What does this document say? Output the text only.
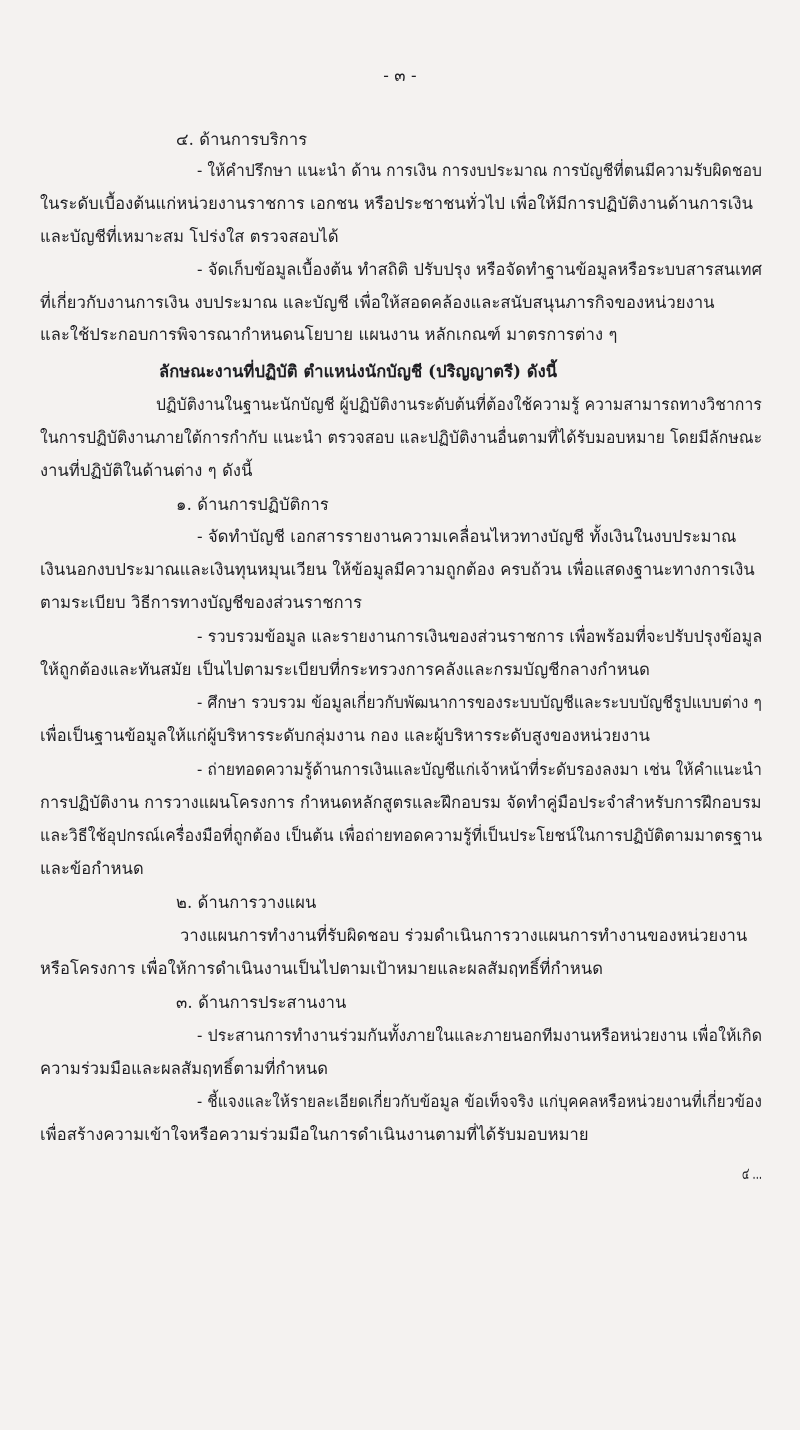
- ๓ -
๔. ด้านการบริการ
- ให้คำปรึกษา แนะนำ ด้าน การเงิน การงบประมาณ การบัญชีที่ตนมีความรับผิดชอบ
ในระดับเบื้องต้นแก่หน่วยงานราชการ เอกชน หรือประชาชนทั่วไป เพื่อให้มีการปฏิบัติงานด้านการเงิน
และบัญชีที่เหมาะสม โปร่งใส ตรวจสอบได้
- จัดเก็บข้อมูลเบื้องต้น ทำสถิติ ปรับปรุง หรือจัดทำฐานข้อมูลหรือระบบสารสนเทศ
ที่เกี่ยวกับงานการเงิน งบประมาณ และบัญชี เพื่อให้สอดคล้องและสนับสนุนภารกิจของหน่วยงาน
และใช้ประกอบการพิจารณากำหนดนโยบาย แผนงาน หลักเกณฑ์ มาตรการต่าง ๆ
ลักษณะงานที่ปฏิบัติ ตำแหน่งนักบัญชี (ปริญญาตรี) ดังนี้
ปฏิบัติงานในฐานะนักบัญชี ผู้ปฏิบัติงานระดับต้นที่ต้องใช้ความรู้ ความสามารถทางวิชาการ
ในการปฏิบัติงานภายใต้การกำกับ แนะนำ ตรวจสอบ และปฏิบัติงานอื่นตามที่ได้รับมอบหมาย โดยมีลักษณะ
งานที่ปฏิบัติในด้านต่าง ๆ ดังนี้
๑. ด้านการปฏิบัติการ
- จัดทำบัญชี เอกสารรายงานความเคลื่อนไหวทางบัญชี ทั้งเงินในงบประมาณ
เงินนอกงบประมาณและเงินทุนหมุนเวียน ให้ข้อมูลมีความถูกต้อง ครบถ้วน เพื่อแสดงฐานะทางการเงิน
ตามระเบียบ วิธีการทางบัญชีของส่วนราชการ
- รวบรวมข้อมูล และรายงานการเงินของส่วนราชการ เพื่อพร้อมที่จะปรับปรุงข้อมูล
ให้ถูกต้องและทันสมัย เป็นไปตามระเบียบที่กระทรวงการคลังและกรมบัญชีกลางกำหนด
- ศึกษา รวบรวม ข้อมูลเกี่ยวกับพัฒนาการของระบบบัญชีและระบบบัญชีรูปแบบต่าง ๆ
เพื่อเป็นฐานข้อมูลให้แก่ผู้บริหารระดับกลุ่มงาน กอง และผู้บริหารระดับสูงของหน่วยงาน
- ถ่ายทอดความรู้ด้านการเงินและบัญชีแก่เจ้าหน้าที่ระดับรองลงมา เช่น ให้คำแนะนำ
การปฏิบัติงาน การวางแผนโครงการ กำหนดหลักสูตรและฝึกอบรม จัดทำคู่มือประจำสำหรับการฝึกอบรม
และวิธีใช้อุปกรณ์เครื่องมือที่ถูกต้อง เป็นต้น เพื่อถ่ายทอดความรู้ที่เป็นประโยชน์ในการปฏิบัติตามมาตรฐาน
และข้อกำหนด
๒. ด้านการวางแผน
วางแผนการทำงานที่รับผิดชอบ ร่วมดำเนินการวางแผนการทำงานของหน่วยงาน
หรือโครงการ เพื่อให้การดำเนินงานเป็นไปตามเป้าหมายและผลสัมฤทธิ์ที่กำหนด
๓. ด้านการประสานงาน
- ประสานการทำงานร่วมกันทั้งภายในและภายนอกทีมงานหรือหน่วยงาน เพื่อให้เกิด
ความร่วมมือและผลสัมฤทธิ์ตามที่กำหนด
- ชี้แจงและให้รายละเอียดเกี่ยวกับข้อมูล ข้อเท็จจริง แก่บุคคลหรือหน่วยงานที่เกี่ยวข้อง
เพื่อสร้างความเข้าใจหรือความร่วมมือในการดำเนินงานตามที่ได้รับมอบหมาย
๔ ...
